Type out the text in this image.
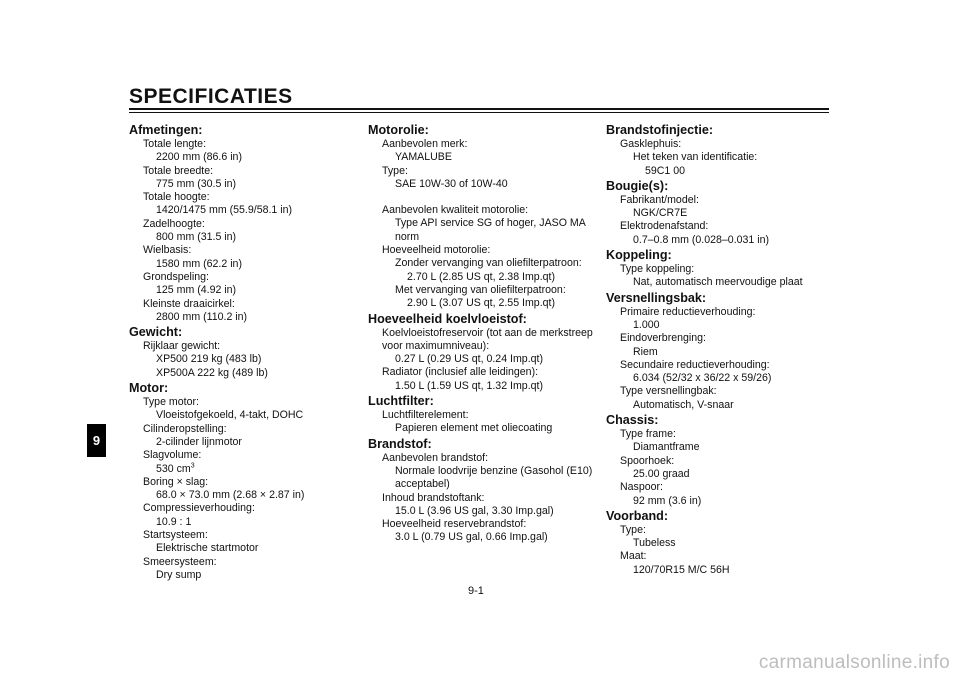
SPECIFICATIES
9
Afmetingen:
Totale lengte:
2200 mm (86.6 in)
Totale breedte:
775 mm (30.5 in)
Totale hoogte:
1420/1475 mm (55.9/58.1 in)
Zadelhoogte:
800 mm (31.5 in)
Wielbasis:
1580 mm (62.2 in)
Grondspeling:
125 mm (4.92 in)
Kleinste draaicirkel:
2800 mm (110.2 in)
Gewicht:
Rijklaar gewicht:
XP500 219 kg (483 lb)
XP500A 222 kg (489 lb)
Motor:
Type motor:
Vloeistofgekoeld, 4-takt, DOHC
Cilinderopstelling:
2-cilinder lijnmotor
Slagvolume:
530 $cm^3$
Boring × slag:
68.0 × 73.0 mm (2.68 × 2.87 in)
Compressieverhouding:
10.9 : 1
Startsysteem:
Elektrische startmotor
Smeersysteem:
Dry sump
Motorolie:
Aanbevolen merk:
YAMALUBE
Type:
SAE 10W-30 of 10W-40
Aanbevolen kwaliteit motorolie:
Type API service SG of hoger, JASO MA
norm
Hoeveelheid motorolie:
Zonder vervanging van oliefilterpatroon:
2.70 L (2.85 US qt, 2.38 Imp.qt)
Met vervanging van oliefilterpatroon:
2.90 L (3.07 US qt, 2.55 Imp.qt)
Hoeveelheid koelvloeistof:
Koelvloeistofreservoir (tot aan de merkstreep
voor maximumniveau):
0.27 L (0.29 US qt, 0.24 Imp.qt)
Radiator (inclusief alle leidingen):
1.50 L (1.59 US qt, 1.32 Imp.qt)
Luchtfilter:
Luchtfilterelement:
Papieren element met oliecoating
Brandstof:
Aanbevolen brandstof:
Normale loodvrije benzine (Gasohol (E10)
acceptabel)
Inhoud brandstoftank:
15.0 L (3.96 US gal, 3.30 Imp.gal)
Hoeveelheid reservebrandstof:
3.0 L (0.79 US gal, 0.66 Imp.gal)
Brandstofinjectie:
Gasklephuis:
Het teken van identificatie:
59C1 00
Bougie(s):
Fabrikant/model:
NGK/CR7E
Elektrodenafstand:
0.7–0.8 mm (0.028–0.031 in)
Koppeling:
Type koppeling:
Nat, automatisch meervoudige plaat
Versnellingsbak:
Primaire reductieverhouding:
1.000
Eindoverbrenging:
Riem
Secundaire reductieverhouding:
6.034 (52/32 x 36/22 x 59/26)
Type versnellingbak:
Automatisch, V-snaar
Chassis:
Type frame:
Diamantframe
Spoorhoek:
25.00 graad
Naspoor:
92 mm (3.6 in)
Voorband:
Type:
Tubeless
Maat:
120/70R15 M/C 56H
9-1
carmanualsonline.info
